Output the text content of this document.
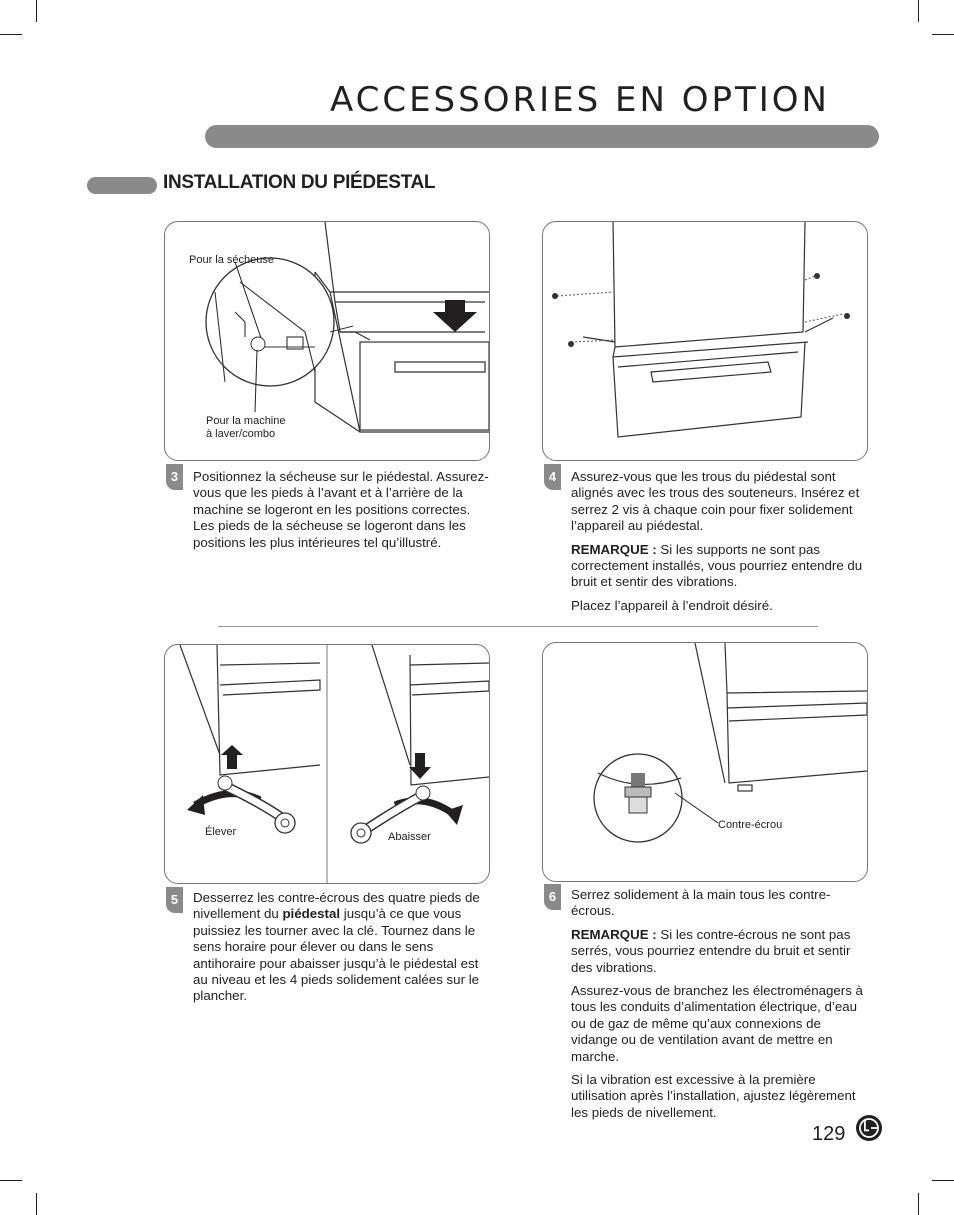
ACCESSORIES EN OPTION
INSTALLATION DU PIÉDESTAL
Pour la sécheuse
Pour la machine
à laver/combo
3	Positionnez la sécheuse sur le piédestal. Assurez-vous que les pieds à l’avant et à l’arrière de la machine se logeront en les positions correctes. Les pieds de la sécheuse se logeront dans les positions les plus intérieures tel qu’illustré.

4	Assurez-vous que les trous du piédestal sont alignés avec les trous des souteneurs. Insérez et serrez 2 vis à chaque coin pour fixer solidement l’appareil au piédestal.

REMARQUE : Si les supports ne sont pas correctement installés, vous pourriez entendre du bruit et sentir des vibrations.

Placez l’appareil à l’endroit désiré.

Élever	Abaisser
5	Desserrez les contre-écrous des quatre pieds de nivellement du piédestal jusqu’à ce que vous puissiez les tourner avec la clé. Tournez dans le sens horaire pour élever ou dans le sens antihoraire pour abaisser jusqu’à le piédestal est au niveau et les 4 pieds solidement calées sur le plancher.

Contre-écrou
6	Serrez solidement à la main tous les contre-écrous.

REMARQUE : Si les contre-écrous ne sont pas serrés, vous pourriez entendre du bruit et sentir des vibrations.

Assurez-vous de branchez les électroménagers à tous les conduits d’alimentation électrique, d’eau ou de gaz de même qu’aux connexions de vidange ou de ventilation avant de mettre en marche.

Si la vibration est excessive à la première utilisation après l’installation, ajustez légèrement les pieds de nivellement.

129
